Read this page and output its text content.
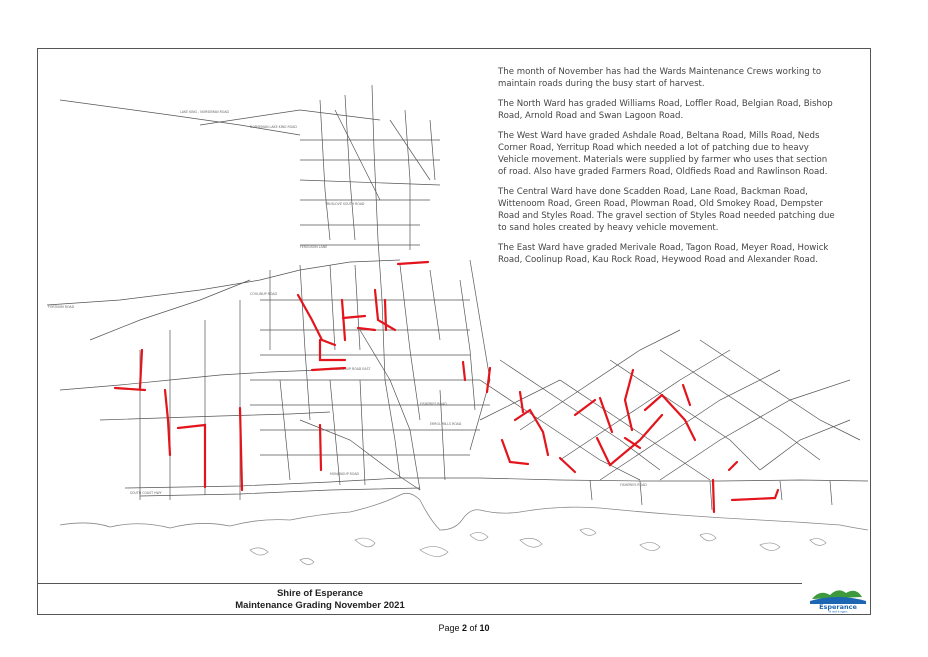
LAKE KING - NORSEMAN ROAD
NORSEMAN LAKE KING ROAD
TRUSLOVE SOUTH ROAD
FERGUSON LANE
FORTNUM ROAD
COOLINUP ROAD
SPEDDINGUP ROAD EAST
FISHERIES ROAD
ERROL MILLS ROAD
MONJINGUP ROAD
FISHERIES ROAD
SOUTH COAST HWY

The month of November has had the Wards Maintenance Crews working to maintain roads during the busy start of harvest.

The North Ward has graded Williams Road, Loffler Road, Belgian Road, Bishop Road, Arnold Road and Swan Lagoon Road.

The West Ward have graded Ashdale Road, Beltana Road, Mills Road, Neds Corner Road, Yerritup Road which needed a lot of patching due to heavy Vehicle movement. Materials were supplied by farmer who uses that section of road. Also have graded Farmers Road, Oldfieds Road and Rawlinson Road.

The Central Ward have done Scadden Road, Lane Road, Backman Road, Wittenoom Road, Green Road, Plowman Road, Old Smokey Road, Dempster Road and Styles Road. The gravel section of Styles Road needed patching due to sand holes created by heavy vehicle movement.

The East Ward have graded Merivale Road, Tagon Road, Meyer Road, Howick Road, Coolinup Road, Kau Rock Road, Heywood Road and Alexander Road.

Shire of Esperance
Maintenance Grading November 2021	Esperance
W rest it again
Page 2 of 10
